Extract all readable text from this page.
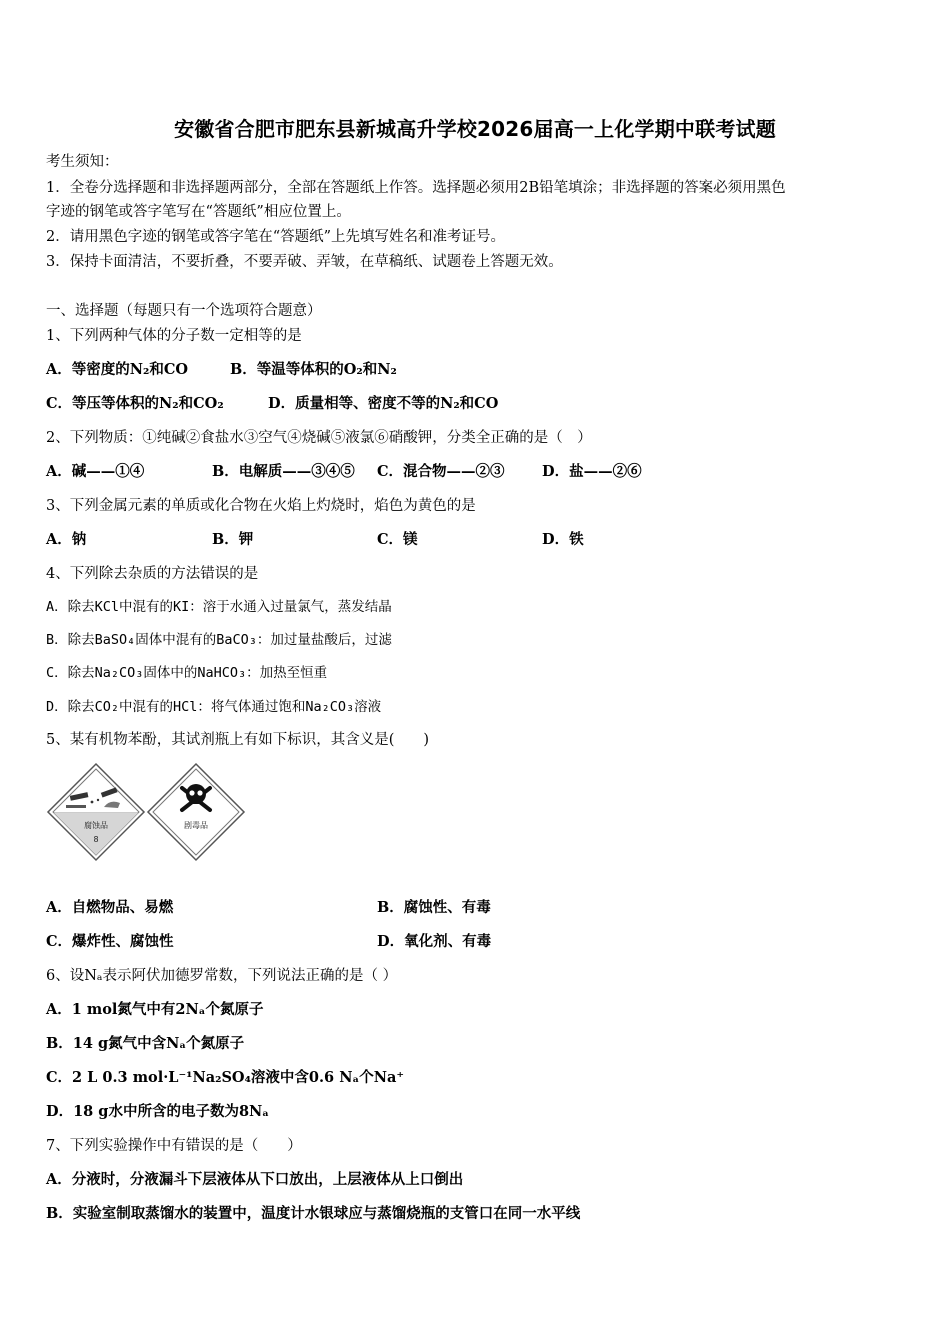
安徽省合肥市肥东县新城高升学校2026届高一上化学期中联考试题
考生须知：
1．全卷分选择题和非选择题两部分，全部在答题纸上作答。选择题必须用2B铅笔填涂；非选择题的答案必须用黑色
字迹的钢笔或答字笔写在“答题纸”相应位置上。
2．请用黑色字迹的钢笔或答字笔在“答题纸”上先填写姓名和准考证号。
3．保持卡面清洁，不要折叠，不要弄破、弄皱，在草稿纸、试题卷上答题无效。
一、选择题（每题只有一个选项符合题意）
1、下列两种气体的分子数一定相等的是
A．等密度的N₂和CO	B．等温等体积的O₂和N₂
C．等压等体积的N₂和CO₂	D．质量相等、密度不等的N₂和CO
2、下列物质：①纯碱②食盐水③空气④烧碱⑤液氯⑥硝酸钾，分类全正确的是（　）
A．碱——①④	B．电解质——③④⑤ C．混合物——②③	D．盐——②⑥
3、下列金属元素的单质或化合物在火焰上灼烧时，焰色为黄色的是
A．钠	B．钾	C．镁	D．铁
4、下列除去杂质的方法错误的是
A．除去KCl中混有的KI：溶于水通入过量氯气，蒸发结晶
B．除去BaSO₄固体中混有的BaCO₃：加过量盐酸后，过滤
C．除去Na₂CO₃固体中的NaHCO₃：加热至恒重
D．除去CO₂中混有的HCl：将气体通过饱和Na₂CO₃溶液
5、某有机物苯酚，其试剂瓶上有如下标识，其含义是(　　)
腐蚀品
8
剧毒品
A．自燃物品、易燃	B．腐蚀性、有毒
C．爆炸性、腐蚀性	D．氧化剂、有毒
6、设Nₐ表示阿伏加德罗常数，下列说法正确的是（ ）
A．1 mol氮气中有2Nₐ个氮原子
B．14 g氮气中含Nₐ个氮原子
C．2 L 0.3 mol·L⁻¹Na₂SO₄溶液中含0.6 Nₐ个Na⁺
D．18 g水中所含的电子数为8Nₐ
7、下列实验操作中有错误的是（　　）
A．分液时，分液漏斗下层液体从下口放出，上层液体从上口倒出
B．实验室制取蒸馏水的装置中，温度计水银球应与蒸馏烧瓶的支管口在同一水平线
